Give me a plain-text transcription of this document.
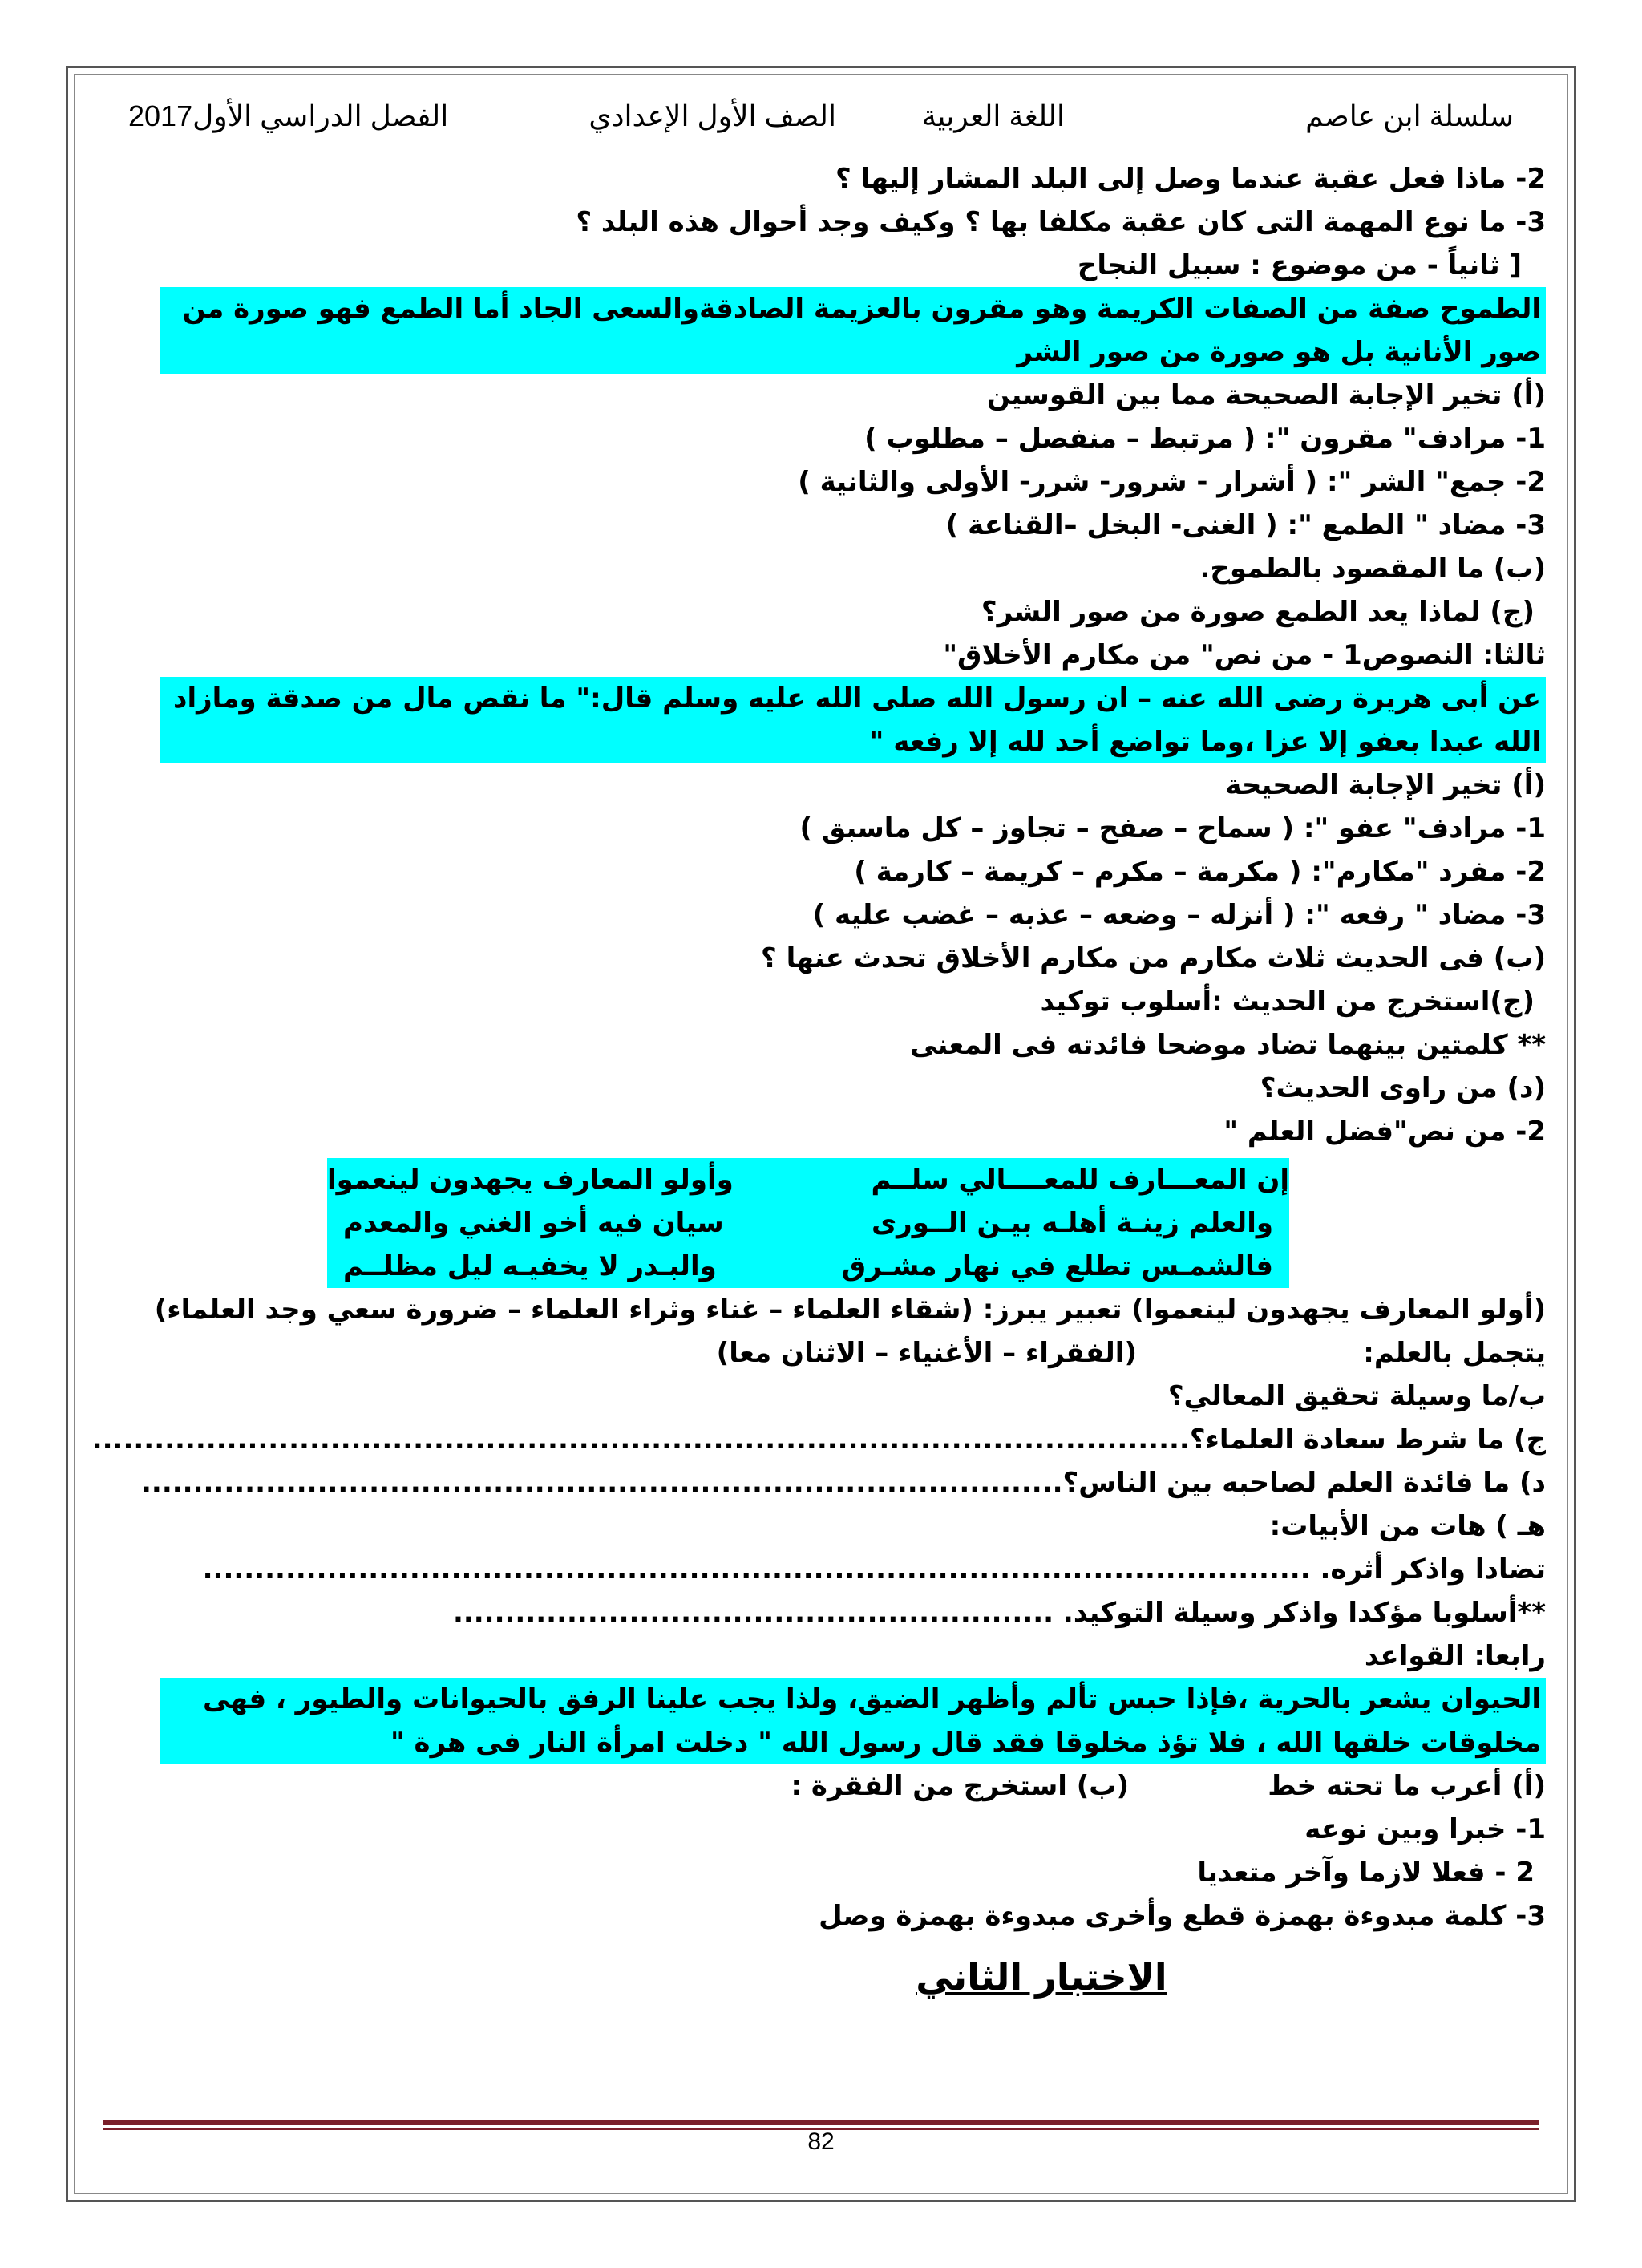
سلسلة ابن عاصم
اللغة العربية
الصف الأول الإعدادي
الفصل الدراسي الأول2017
2- ماذا فعل عقبة عندما وصل إلى البلد المشار إليها ؟
3- ما نوع المهمة التى كان عقبة مكلفا بها ؟ وكيف وجد أحوال هذه البلد ؟
[ ثانياً - من موضوع : سبيل النجاح
الطموح صفة من الصفات الكريمة وهو مقرون بالعزيمة الصادقةوالسعى الجاد أما الطمع فهو صورة من صور الأنانية بل هو صورة من صور الشر
(أ) تخير الإجابة الصحيحة مما بين القوسين
1- مرادف" مقرون ": ( مرتبط – منفصل – مطلوب )
2- جمع" الشر ": ( أشرار - شرور- شرر- الأولى والثانية )
3- مضاد " الطمع ": ( الغنى- البخل –القناعة )
(ب) ما المقصود بالطموح.
(ج) لماذا يعد الطمع صورة من صور الشر؟
ثالثا: النصوص1 - من نص" من مكارم الأخلاق"
عن أبى هريرة رضى الله عنه – ان رسول الله صلى الله عليه وسلم قال:" ما نقص مال من صدقة ومازاد الله عبدا بعفو إلا عزا ،وما تواضع أحد لله إلا رفعه "
(أ) تخير الإجابة الصحيحة
1- مرادف" عفو ": ( سماح – صفح – تجاوز – كل ماسبق )
2- مفرد "مكارم": ( مكرمة – مكرم – كريمة – كارمة )
3- مضاد " رفعه ": ( أنزله – وضعه – عذبه – غضب عليه )
(ب) فى الحديث ثلاث مكارم من مكارم الأخلاق تحدث عنها ؟
(ج)استخرج من الحديث :أسلوب توكيد
** كلمتين بينهما تضاد موضحا فائدته فى المعنى
(د) من راوى الحديث؟
2- من نص"فضل العلم "
إن المعـــارف للمعــــالي سلــم
وأولو المعارف يجهدون لينعموا
والعلم زينـة أهلـه بيـن الــورى
سيان فيه أخو الغني والمعدم
فالشمـس تطلع في نهار مشـرق
والبـدر لا يخفيـه ليل مظلــم
(أولو المعارف يجهدون لينعموا) تعبير يبرز: (شقاء العلماء – غناء وثراء العلماء – ضرورة سعي وجد العلماء)
يتجمل بالعلم:
(الفقراء – الأغنياء – الاثنان معا)
ب/ما وسيلة تحقيق المعالي؟
ج) ما شرط سعادة العلماء؟..........................................................................................................
د) ما فائدة العلم لصاحبه بين الناس؟.........................................................................................
هـ ) هات من الأبيات:
تضادا واذكر أثره. ...........................................................................................................
**أسلوبا مؤكدا واذكر وسيلة التوكيد. ..........................................................
رابعا: القواعد
الحيوان يشعر بالحرية ،فإذا حبس تألم وأظهر الضيق، ولذا يجب علينا الرفق بالحيوانات والطيور ، فهى مخلوقات خلقها الله ، فلا تؤذ مخلوقا فقد قال رسول الله " دخلت امرأة النار فى هرة "
(أ) أعرب ما تحته خط
(ب) استخرج من الفقرة :
1- خبرا وبين نوعه
2 - فعلا لازما وآخر متعديا
3- كلمة مبدوءة بهمزة قطع وأخرى مبدوءة بهمزة وصل
الاختبار الثاني
82
